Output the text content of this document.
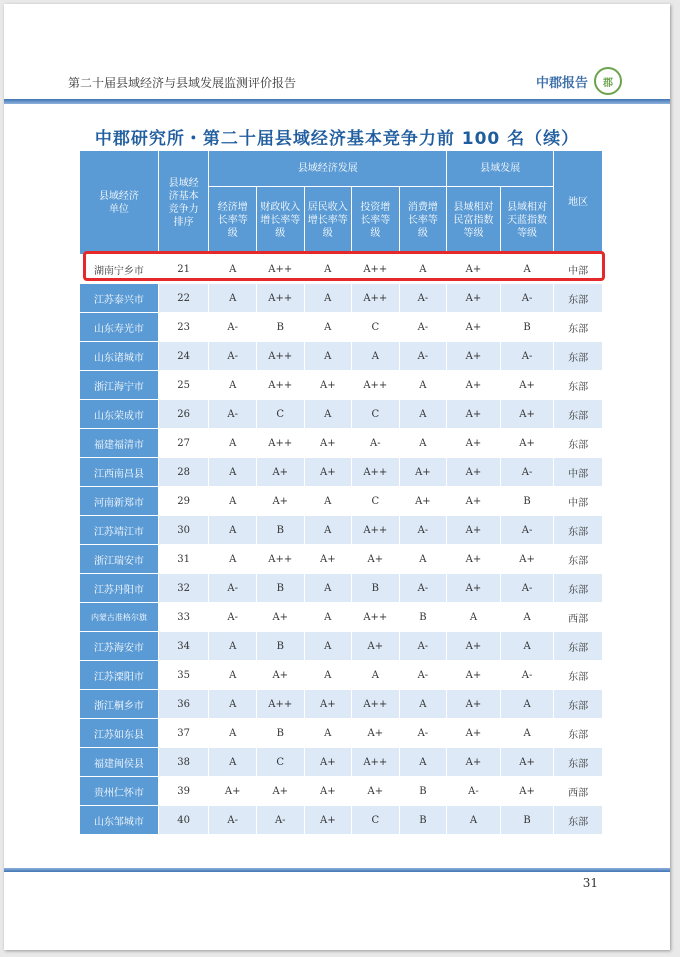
第二十届县域经济与县域发展监测评价报告	中郡报告	郡
中郡研究所・第二十届县域经济基本竞争力前 100 名（续）
县域经济单位	县域经济基本竞争力排序	县域经济发展					县域发展		地区
		经济增长率等级	财政收入增长率等级	居民收入增长率等级	投资增长率等级	消费增长率等级	县域相对民富指数等级	县域相对天蓝指数等级	
湖南宁乡市	21	A	A++	A	A++	A	A+	A	中部
江苏泰兴市	22	A	A++	A	A++	A-	A+	A-	东部
山东寿光市	23	A-	B	A	C	A-	A+	B	东部
山东诸城市	24	A-	A++	A	A	A-	A+	A-	东部
浙江海宁市	25	A	A++	A+	A++	A	A+	A+	东部
山东荣成市	26	A-	C	A	C	A	A+	A+	东部
福建福清市	27	A	A++	A+	A-	A	A+	A+	东部
江西南昌县	28	A	A+	A+	A++	A+	A+	A-	中部
河南新郑市	29	A	A+	A	C	A+	A+	B	中部
江苏靖江市	30	A	B	A	A++	A-	A+	A-	东部
浙江瑞安市	31	A	A++	A+	A+	A	A+	A+	东部
江苏丹阳市	32	A-	B	A	B	A-	A+	A-	东部
内蒙古准格尔旗	33	A-	A+	A	A++	B	A	A	西部
江苏海安市	34	A	B	A	A+	A-	A+	A	东部
江苏溧阳市	35	A	A+	A	A	A-	A+	A-	东部
浙江桐乡市	36	A	A++	A+	A++	A	A+	A	东部
江苏如东县	37	A	B	A	A+	A-	A+	A	东部
福建闽侯县	38	A	C	A+	A++	A	A+	A+	东部
贵州仁怀市	39	A+	A+	A+	A+	B	A-	A+	西部
山东邹城市	40	A-	A-	A+	C	B	A	B	东部
31
